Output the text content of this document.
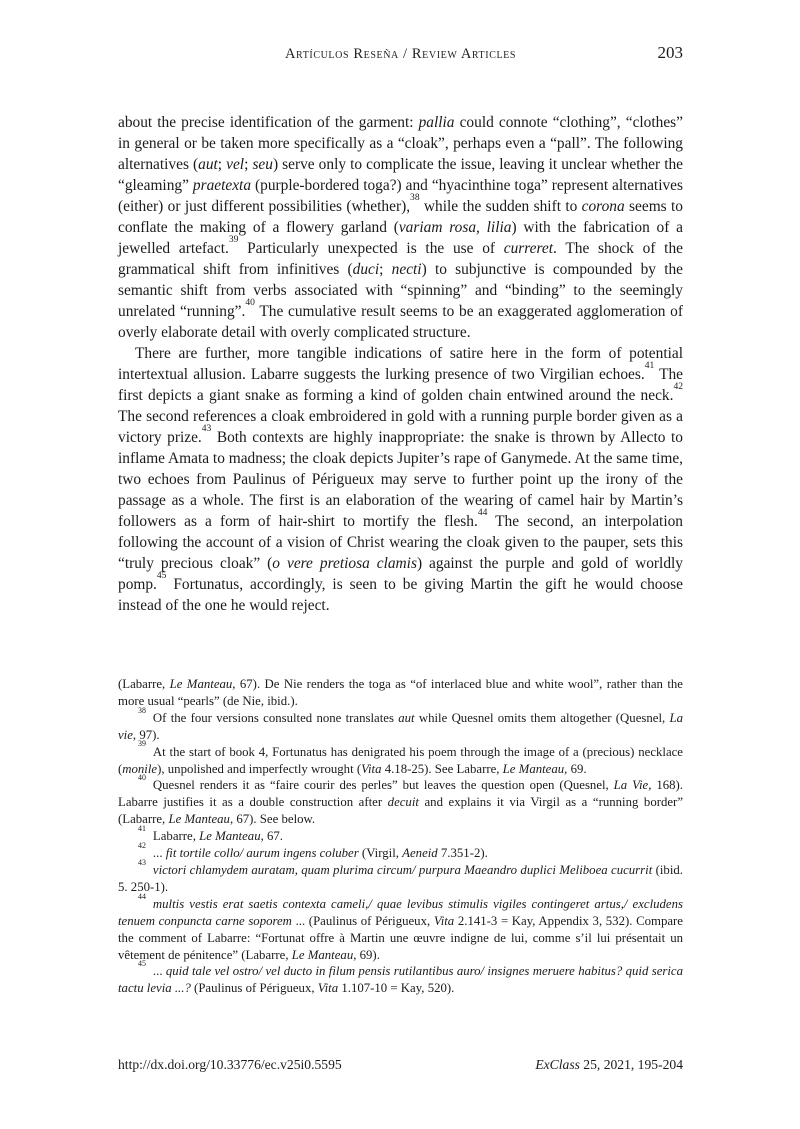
Artículos Reseña / Review Articles	203

about the precise identification of the garment: pallia could connote “clothing”, “clothes” in general or be taken more specifically as a “cloak”, perhaps even a “pall”. The following alternatives (aut; vel; seu) serve only to complicate the issue, leaving it unclear whether the “gleaming” praetexta (purple-bordered toga?) and “hyacinthine toga” represent alternatives (either) or just different possibilities (whether),$^{38}$ while the sudden shift to corona seems to conflate the making of a flowery garland (variam rosa, lilia) with the fabrication of a jewelled artefact.$^{39}$ Particularly unexpected is the use of curreret. The shock of the grammatical shift from infinitives (duci; necti) to subjunctive is compounded by the semantic shift from verbs associated with “spinning” and “binding” to the seemingly unrelated “running”.$^{40}$ The cumulative result seems to be an exaggerated agglomeration of overly elaborate detail with overly complicated structure.

There are further, more tangible indications of satire here in the form of potential intertextual allusion. Labarre suggests the lurking presence of two Virgilian echoes.$^{41}$ The first depicts a giant snake as forming a kind of golden chain entwined around the neck.$^{42}$ The second references a cloak embroidered in gold with a running purple border given as a victory prize.$^{43}$ Both contexts are highly inappropriate: the snake is thrown by Allecto to inflame Amata to madness; the cloak depicts Jupiter’s rape of Ganymede. At the same time, two echoes from Paulinus of Périgueux may serve to further point up the irony of the passage as a whole. The first is an elaboration of the wearing of camel hair by Martin’s followers as a form of hair-shirt to mortify the flesh.$^{44}$ The second, an interpolation following the account of a vision of Christ wearing the cloak given to the pauper, sets this “truly precious cloak” (o vere pretiosa clamis) against the purple and gold of worldly pomp.$^{45}$ Fortunatus, accordingly, is seen to be giving Martin the gift he would choose instead of the one he would reject.

(Labarre, Le Manteau, 67). De Nie renders the toga as “of interlaced blue and white wool”, rather than the more usual “pearls” (de Nie, ibid.).

$^{38}$Of the four versions consulted none translates aut while Quesnel omits them altogether (Quesnel, La vie, 97).

$^{39}$At the start of book 4, Fortunatus has denigrated his poem through the image of a (precious) necklace (monile), unpolished and imperfectly wrought (Vita 4.18-25). See Labarre, Le Manteau, 69.

$^{40}$Quesnel renders it as “faire courir des perles” but leaves the question open (Quesnel, La Vie, 168). Labarre justifies it as a double construction after decuit and explains it via Virgil as a “running border” (Labarre, Le Manteau, 67). See below.

$^{41}$Labarre, Le Manteau, 67.

$^{42}$... fit tortile collo/ aurum ingens coluber (Virgil, Aeneid 7.351-2).

$^{43}$victori chlamydem auratam, quam plurima circum/ purpura Maeandro duplici Meliboea cucurrit (ibid. 5. 250-1).

$^{44}$multis vestis erat saetis contexta cameli,/ quae levibus stimulis vigiles contingeret artus,/ excludens tenuem conpuncta carne soporem ... (Paulinus of Périgueux, Vita 2.141-3 = Kay, Appendix 3, 532). Compare the comment of Labarre: “Fortunat offre à Martin une œuvre indigne de lui, comme s’il lui présentait un vêtement de pénitence” (Labarre, Le Manteau, 69).

$^{45}$... quid tale vel ostro/ vel ducto in filum pensis rutilantibus auro/ insignes meruere habitus? quid serica tactu levia ...? (Paulinus of Périgueux, Vita 1.107-10 = Kay, 520).

http://dx.doi.org/10.33776/ec.v25i0.5595	ExClass 25, 2021, 195-204
